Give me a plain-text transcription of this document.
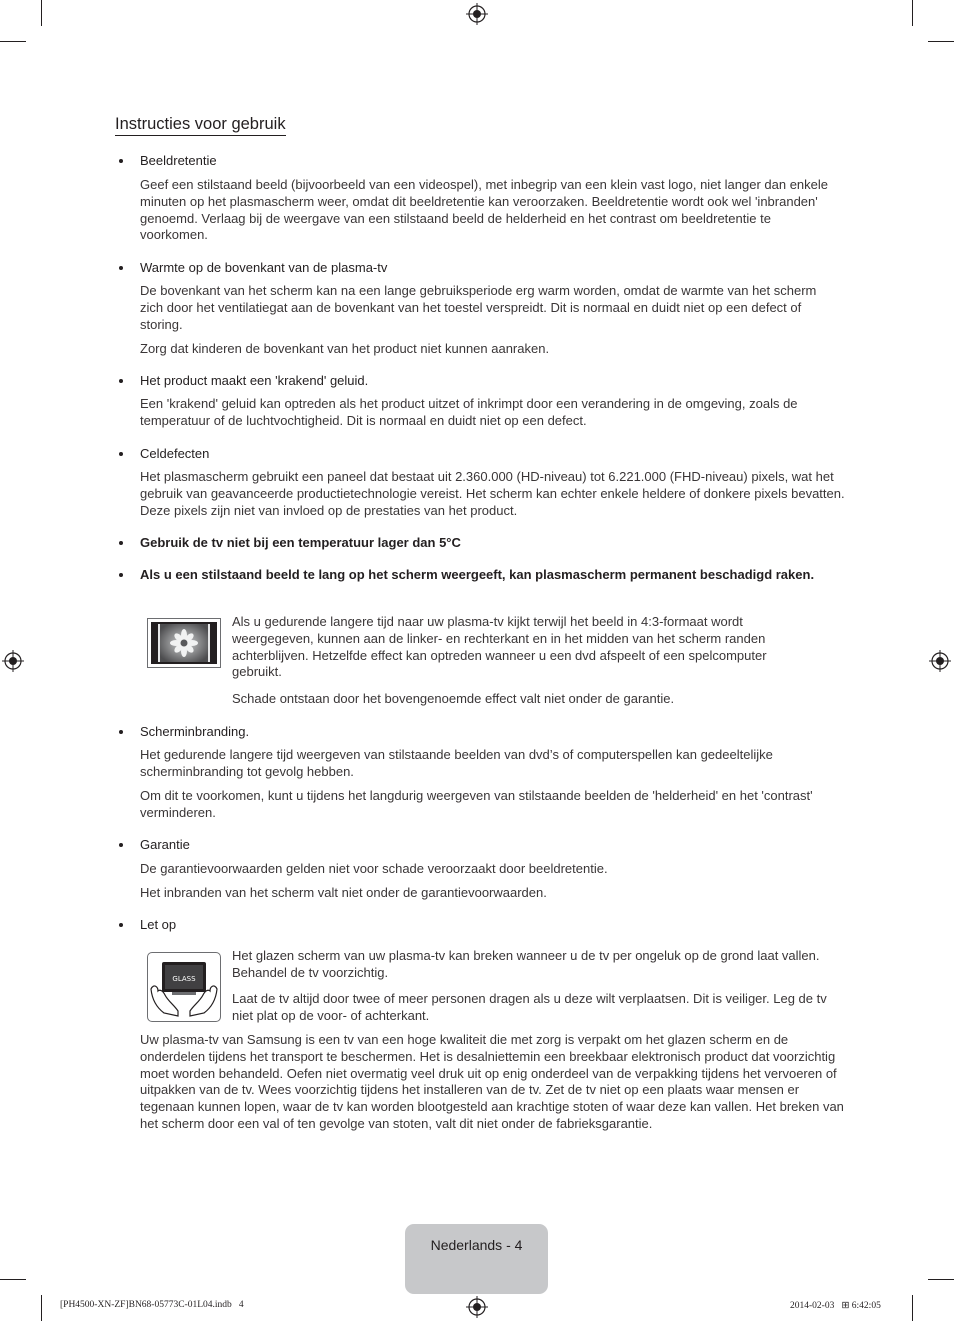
Instructies voor gebruik
Beeldretentie
Geef een stilstaand beeld (bijvoorbeeld van een videospel), met inbegrip van een klein vast logo, niet langer dan enkele minuten op het plasmascherm weer, omdat dit beeldretentie kan veroorzaken. Beeldretentie wordt ook wel 'inbranden' genoemd. Verlaag bij de weergave van een stilstaand beeld de helderheid en het contrast om beeldretentie te voorkomen.
Warmte op de bovenkant van de plasma-tv
De bovenkant van het scherm kan na een lange gebruiksperiode erg warm worden, omdat de warmte van het scherm zich door het ventilatiegat aan de bovenkant van het toestel verspreidt. Dit is normaal en duidt niet op een defect of storing.
Zorg dat kinderen de bovenkant van het product niet kunnen aanraken.
Het product maakt een 'krakend' geluid.
Een 'krakend' geluid kan optreden als het product uitzet of inkrimpt door een verandering in de omgeving, zoals de temperatuur of de luchtvochtigheid. Dit is normaal en duidt niet op een defect.
Celdefecten
Het plasmascherm gebruikt een paneel dat bestaat uit 2.360.000 (HD-niveau) tot 6.221.000 (FHD-niveau) pixels, wat het gebruik van geavanceerde productietechnologie vereist. Het scherm kan echter enkele heldere of donkere pixels bevatten. Deze pixels zijn niet van invloed op de prestaties van het product.
Gebruik de tv niet bij een temperatuur lager dan 5°C
Als u een stilstaand beeld te lang op het scherm weergeeft, kan plasmascherm permanent beschadigd raken.
Als u gedurende langere tijd naar uw plasma-tv kijkt terwijl het beeld in 4:3-formaat wordt weergegeven, kunnen aan de linker- en rechterkant en in het midden van het scherm randen achterblijven. Hetzelfde effect kan optreden wanneer u een dvd afspeelt of een spelcomputer gebruikt.
Schade ontstaan door het bovengenoemde effect valt niet onder de garantie.
Scherminbranding.
Het gedurende langere tijd weergeven van stilstaande beelden van dvd’s of computerspellen kan gedeeltelijke scherminbranding tot gevolg hebben.
Om dit te voorkomen, kunt u tijdens het langdurig weergeven van stilstaande beelden de 'helderheid' en het 'contrast' verminderen.
Garantie
De garantievoorwaarden gelden niet voor schade veroorzaakt door beeldretentie.
Het inbranden van het scherm valt niet onder de garantievoorwaarden.
Let op
GLASS
Het glazen scherm van uw plasma-tv kan breken wanneer u de tv per ongeluk op de grond laat vallen. Behandel de tv voorzichtig.
Laat de tv altijd door twee of meer personen dragen als u deze wilt verplaatsen. Dit is veiliger. Leg de tv niet plat op de voor- of achterkant.
Uw plasma-tv van Samsung is een tv van een hoge kwaliteit die met zorg is verpakt om het glazen scherm en de onderdelen tijdens het transport te beschermen. Het is desalniettemin een breekbaar elektronisch product dat voorzichtig moet worden behandeld. Oefen niet overmatig veel druk uit op enig onderdeel van de verpakking tijdens het vervoeren of uitpakken van de tv. Wees voorzichtig tijdens het installeren van de tv. Zet de tv niet op een plaats waar mensen er tegenaan kunnen lopen, waar de tv kan worden blootgesteld aan krachtige stoten of waar deze kan vallen. Het breken van het scherm door een val of ten gevolge van stoten, valt dit niet onder de fabrieksgarantie.
Nederlands - 4
[PH4500-XN-ZF]BN68-05773C-01L04.indb   4	2014-02-03   ⊞ 6:42:05
